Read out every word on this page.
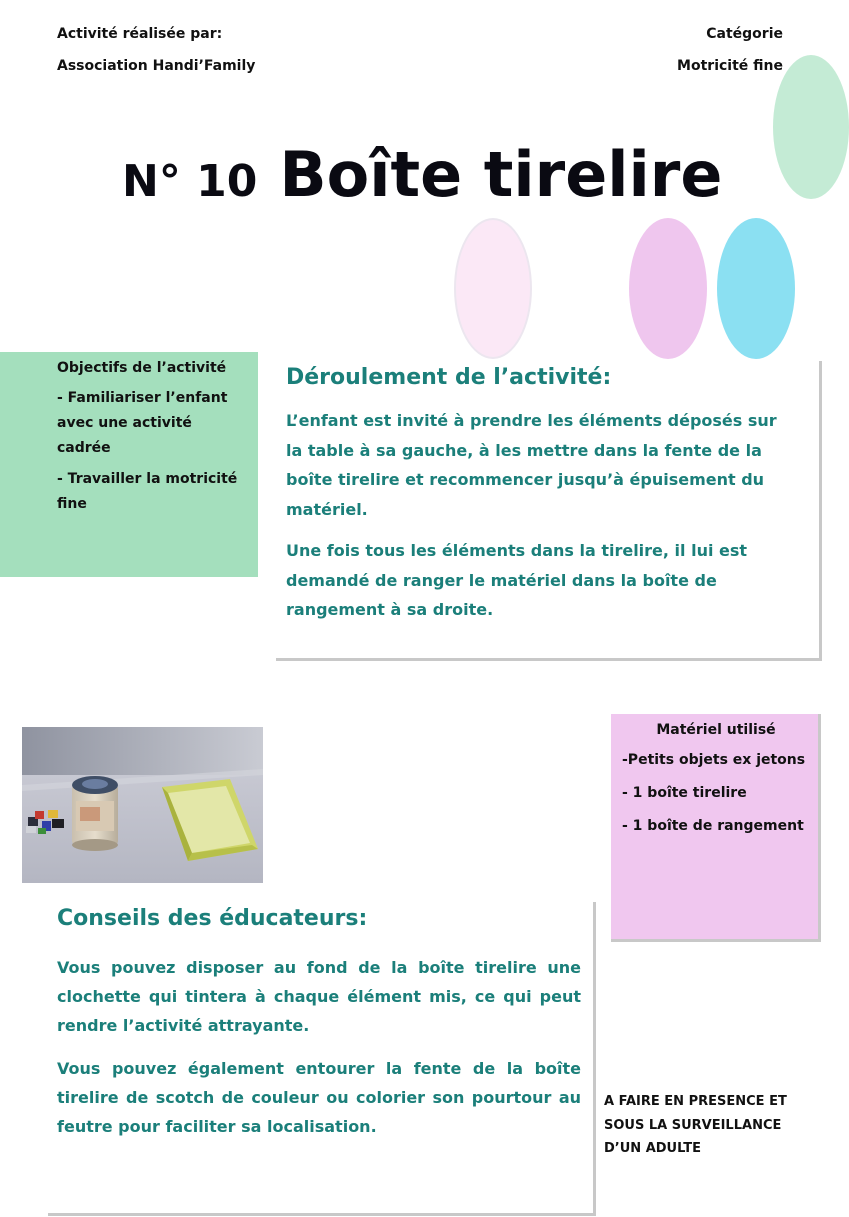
Activité réalisée par:
Association Handi’Family
Catégorie
Motricité fine
N° 10 Boîte tirelire
Objectifs de l’activité
- Familiariser l’enfant avec une activité cadrée
- Travailler la motricité fine
Déroulement de l’activité:

L’enfant est invité à prendre les éléments déposés sur la table à sa gauche, à les mettre dans la fente de la boîte tirelire et recommencer jusqu’à épuisement du matériel.

Une fois tous les éléments dans la tirelire, il lui est demandé de ranger le matériel dans la boîte de rangement à sa droite.

Matériel utilisé
-Petits objets ex jetons
- 1 boîte tirelire
- 1 boîte de rangement
Conseils des éducateurs:

Vous pouvez disposer au fond de la boîte tirelire une clochette qui tintera à chaque élément mis, ce qui peut rendre l’activité attrayante.

Vous pouvez également entourer la fente de la boîte tirelire de scotch de couleur ou colorier son pourtour au feutre pour faciliter sa localisation.

A FAIRE EN PRESENCE ET SOUS LA SURVEILLANCE D’UN ADULTE
